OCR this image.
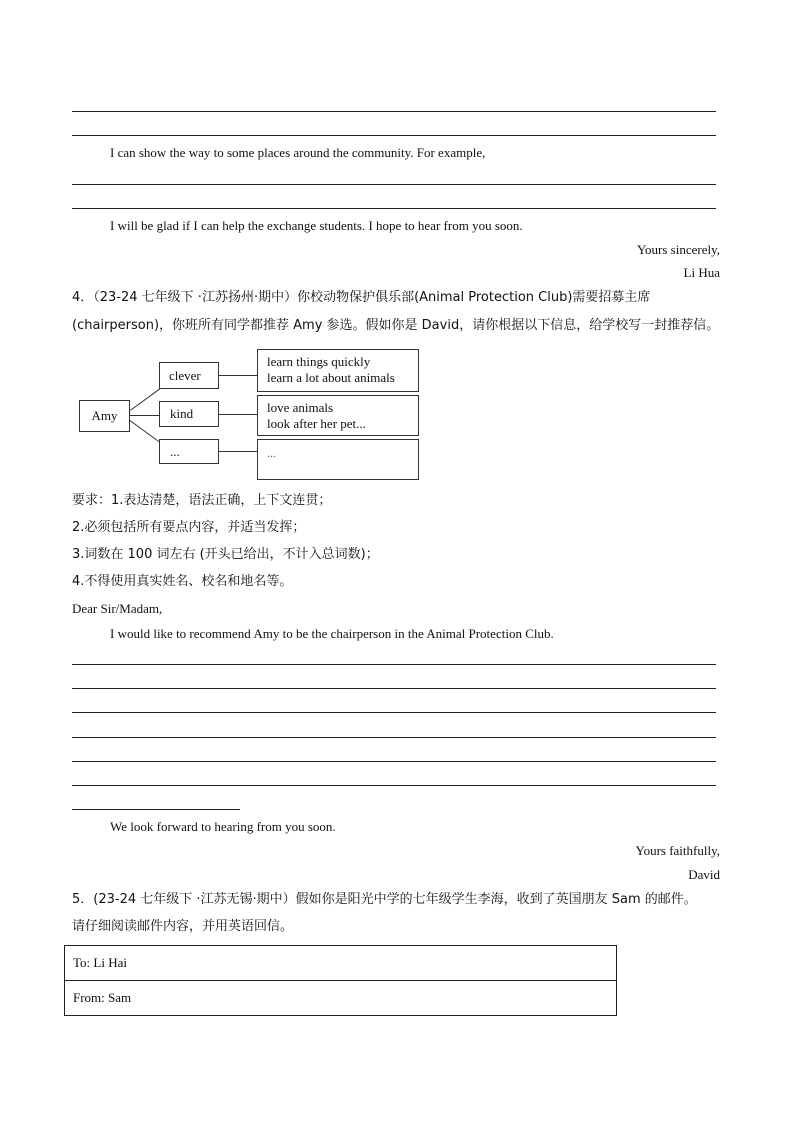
I can show the way to some places around the community. For example,
I will be glad if I can help the exchange students. I hope to hear from you soon.
Yours sincerely,
Li Hua
4．（23-24 七年级下 ·江苏扬州·期中）你校动物保护俱乐部(Animal Protection Club)需要招募主席
(chairperson)，你班所有同学都推荐 Amy 参选。假如你是 David，请你根据以下信息，给学校写一封推荐信。
Amy
clever
kind
...
learn things quickly
learn a lot about animals
love animals
look after her pet...
...
要求：1.表达清楚，语法正确，上下文连贯；
2.必须包括所有要点内容，并适当发挥；
3.词数在 100 词左右 (开头已给出，不计入总词数)；
4.不得使用真实姓名、校名和地名等。
Dear Sir/Madam,
I would like to recommend Amy to be the chairperson in the Animal Protection Club.
We look forward to hearing from you soon.
Yours faithfully,
David
5．(23-24 七年级下 ·江苏无锡·期中）假如你是阳光中学的七年级学生李海，收到了英国朋友 Sam 的邮件。
请仔细阅读邮件内容，并用英语回信。
To: Li Hai
From: Sam
